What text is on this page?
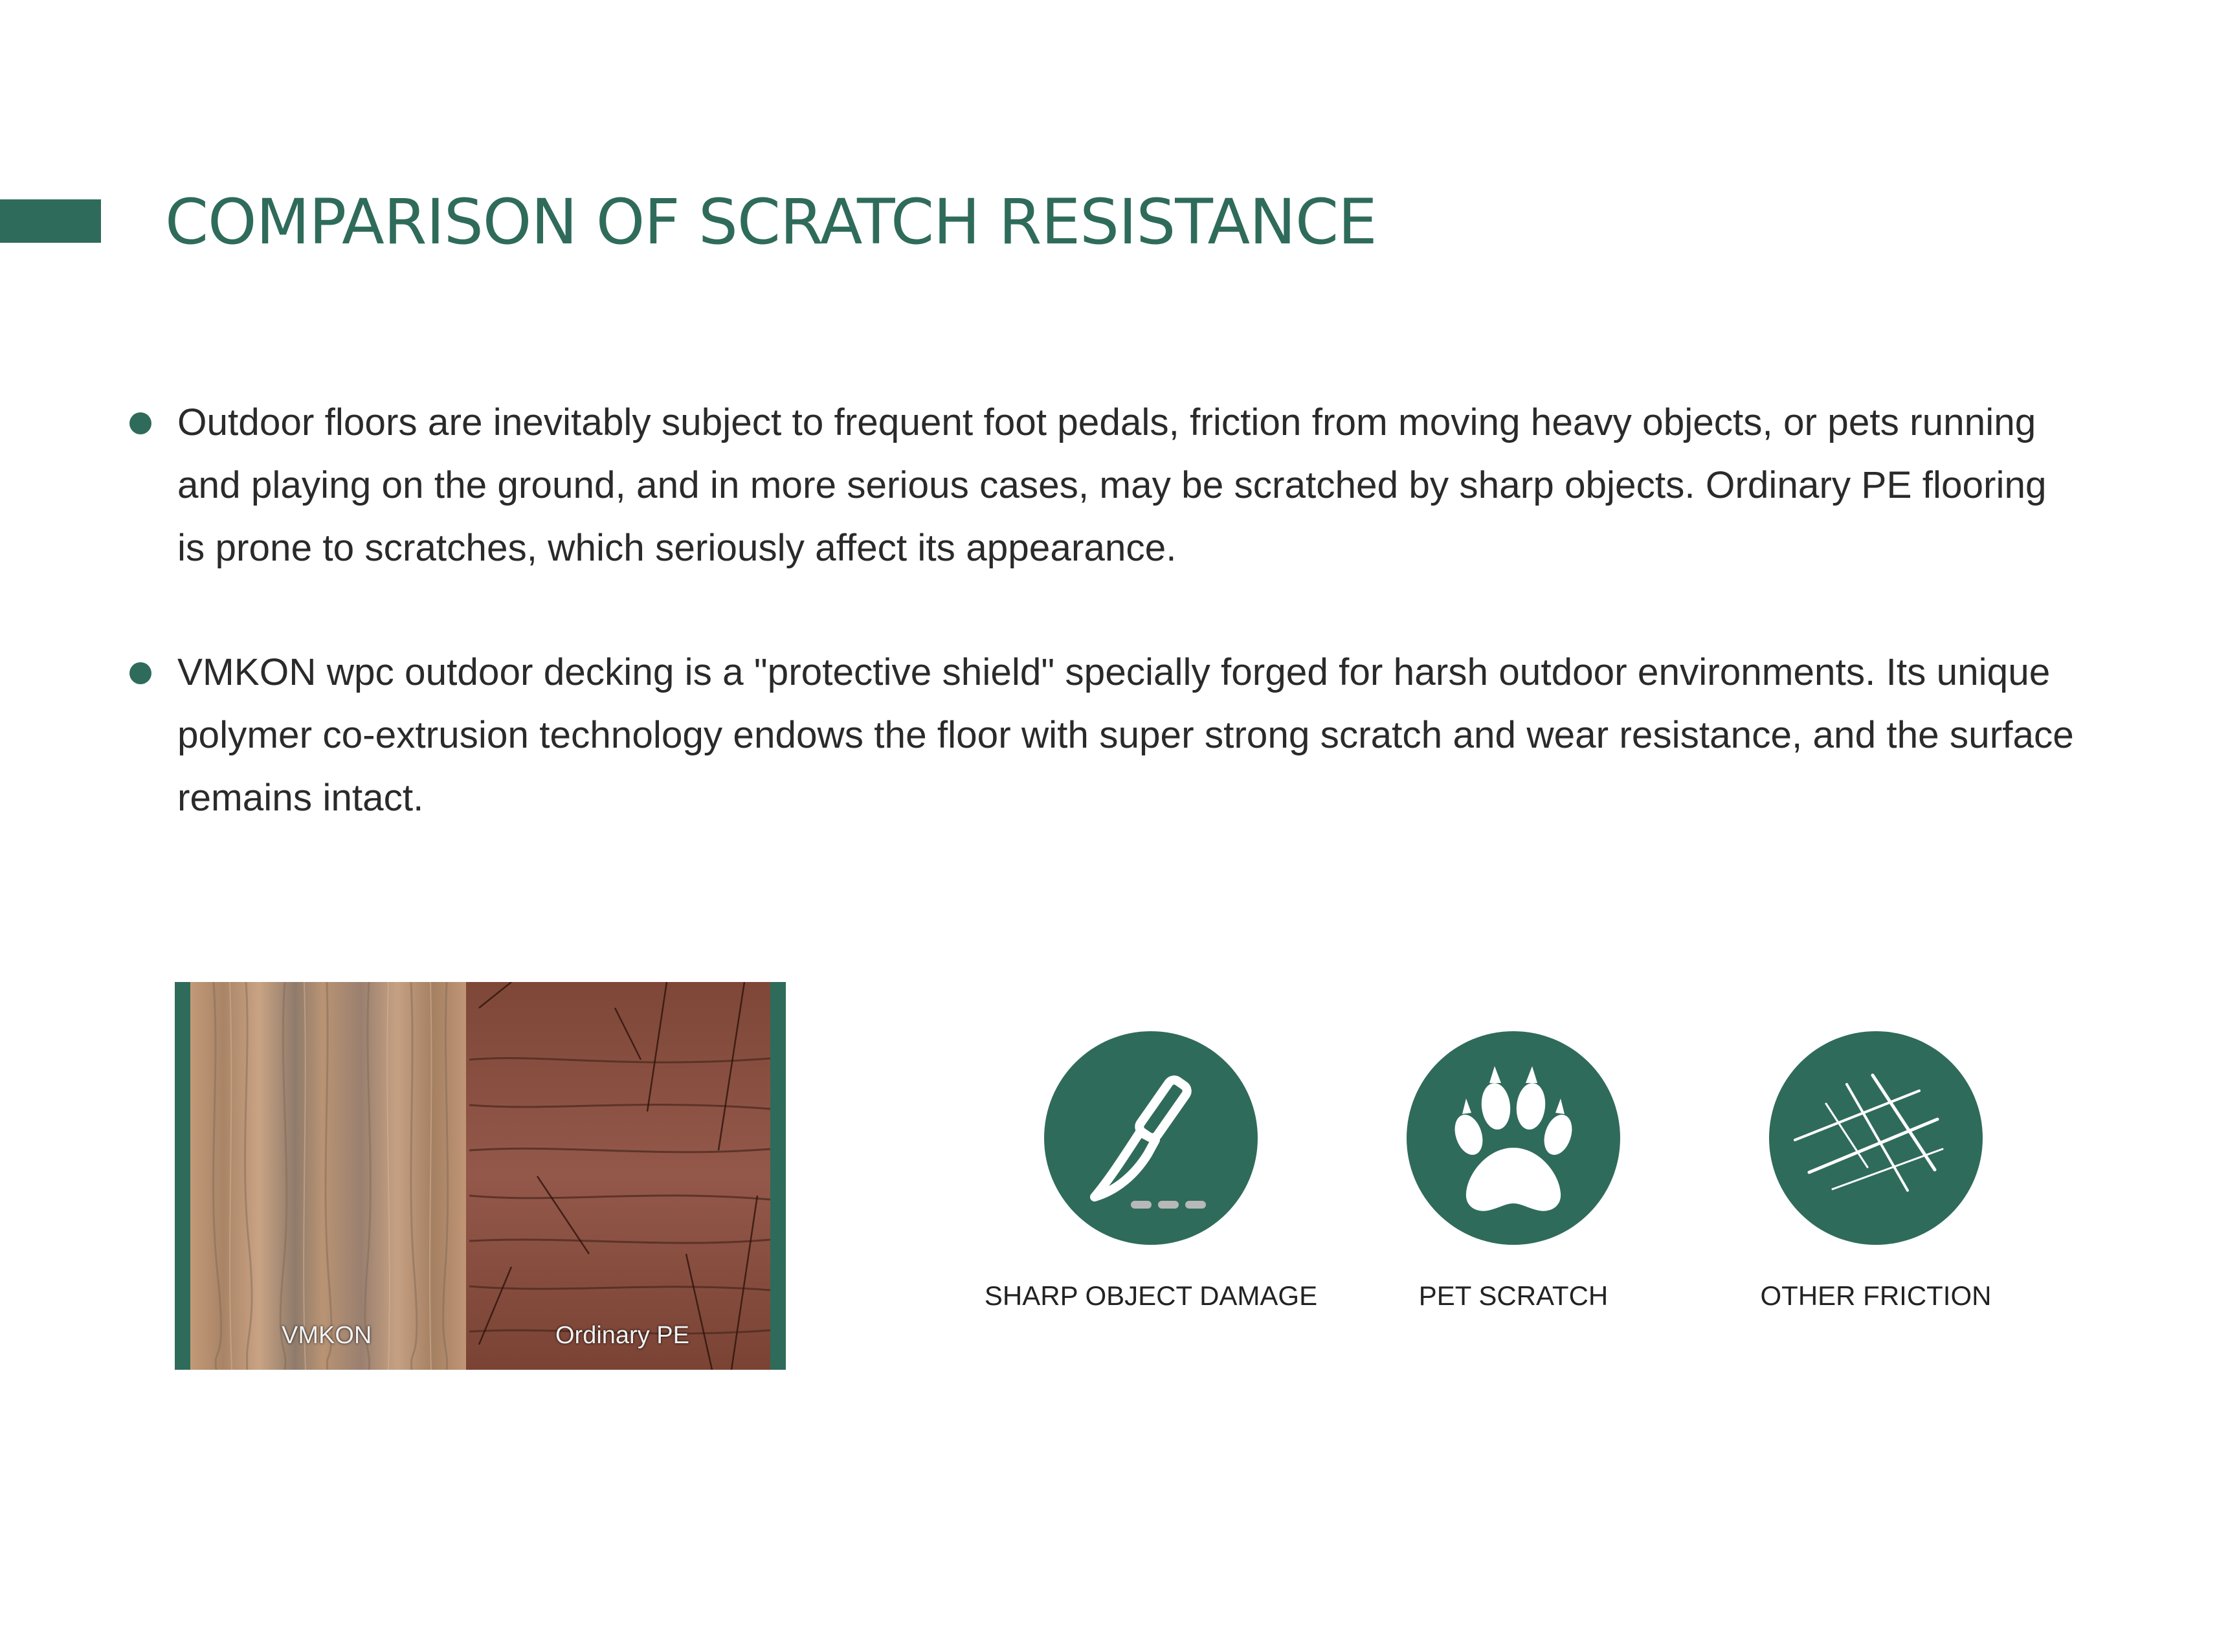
COMPARISON OF SCRATCH RESISTANCE

Outdoor floors are inevitably subject to frequent foot pedals, friction from moving heavy objects, or pets running and playing on the ground, and in more serious cases, may be scratched by sharp objects. Ordinary PE flooring is prone to scratches, which seriously affect its appearance.

VMKON wpc outdoor decking is a "protective shield" specially forged for harsh outdoor environments. Its unique polymer co-extrusion technology endows the floor with super strong scratch and wear resistance, and the surface remains intact.

VMKON	Ordinary PE
SHARP OBJECT DAMAGE	PET SCRATCH	OTHER FRICTION
